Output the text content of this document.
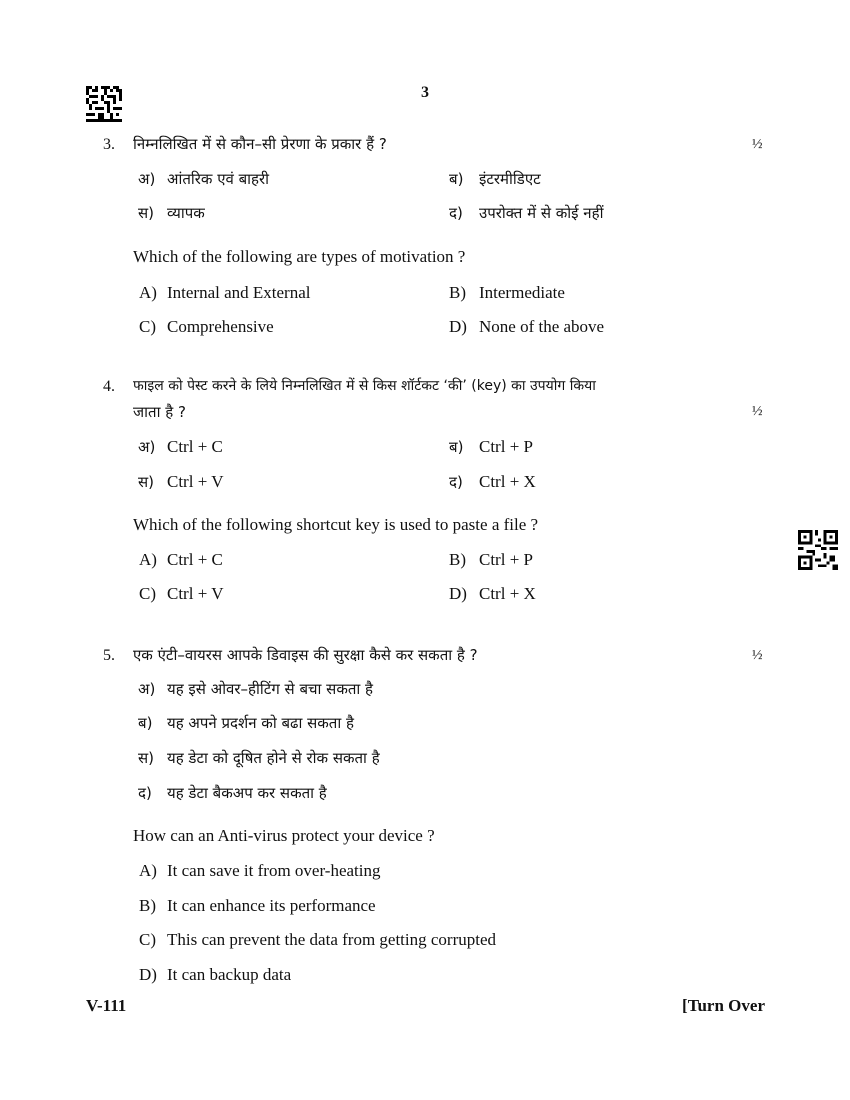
3
3. निम्नलिखित में से कौन–सी प्रेरणा के प्रकार हैं ?	½
अ) आंतरिक एवं बाहरी	ब) इंटरमीडिएट
स) व्यापक	द) उपरोक्त में से कोई नहीं
Which of the following are types of motivation ?
A) Internal and External	B) Intermediate
C) Comprehensive	D) None of the above
4. फाइल को पेस्ट करने के लिये निम्नलिखित में से किस शॉर्टकट ‘की’ (key) का उपयोग किया
जाता है ?	½
अ) Ctrl + C	ब) Ctrl + P
स) Ctrl + V	द) Ctrl + X
Which of the following shortcut key is used to paste a file ?
A) Ctrl + C	B) Ctrl + P
C) Ctrl + V	D) Ctrl + X
5. एक एंटी–वायरस आपके डिवाइस की सुरक्षा कैसे कर सकता है ?	½
अ) यह इसे ओवर–हीटिंग से बचा सकता है
ब) यह अपने प्रदर्शन को बढा सकता है
स) यह डेटा को दूषित होने से रोक सकता है
द) यह डेटा बैकअप कर सकता है
How can an Anti-virus protect your device ?
A) It can save it from over-heating
B) It can enhance its performance
C) This can prevent the data from getting corrupted
D) It can backup data
V-111	[Turn Over
